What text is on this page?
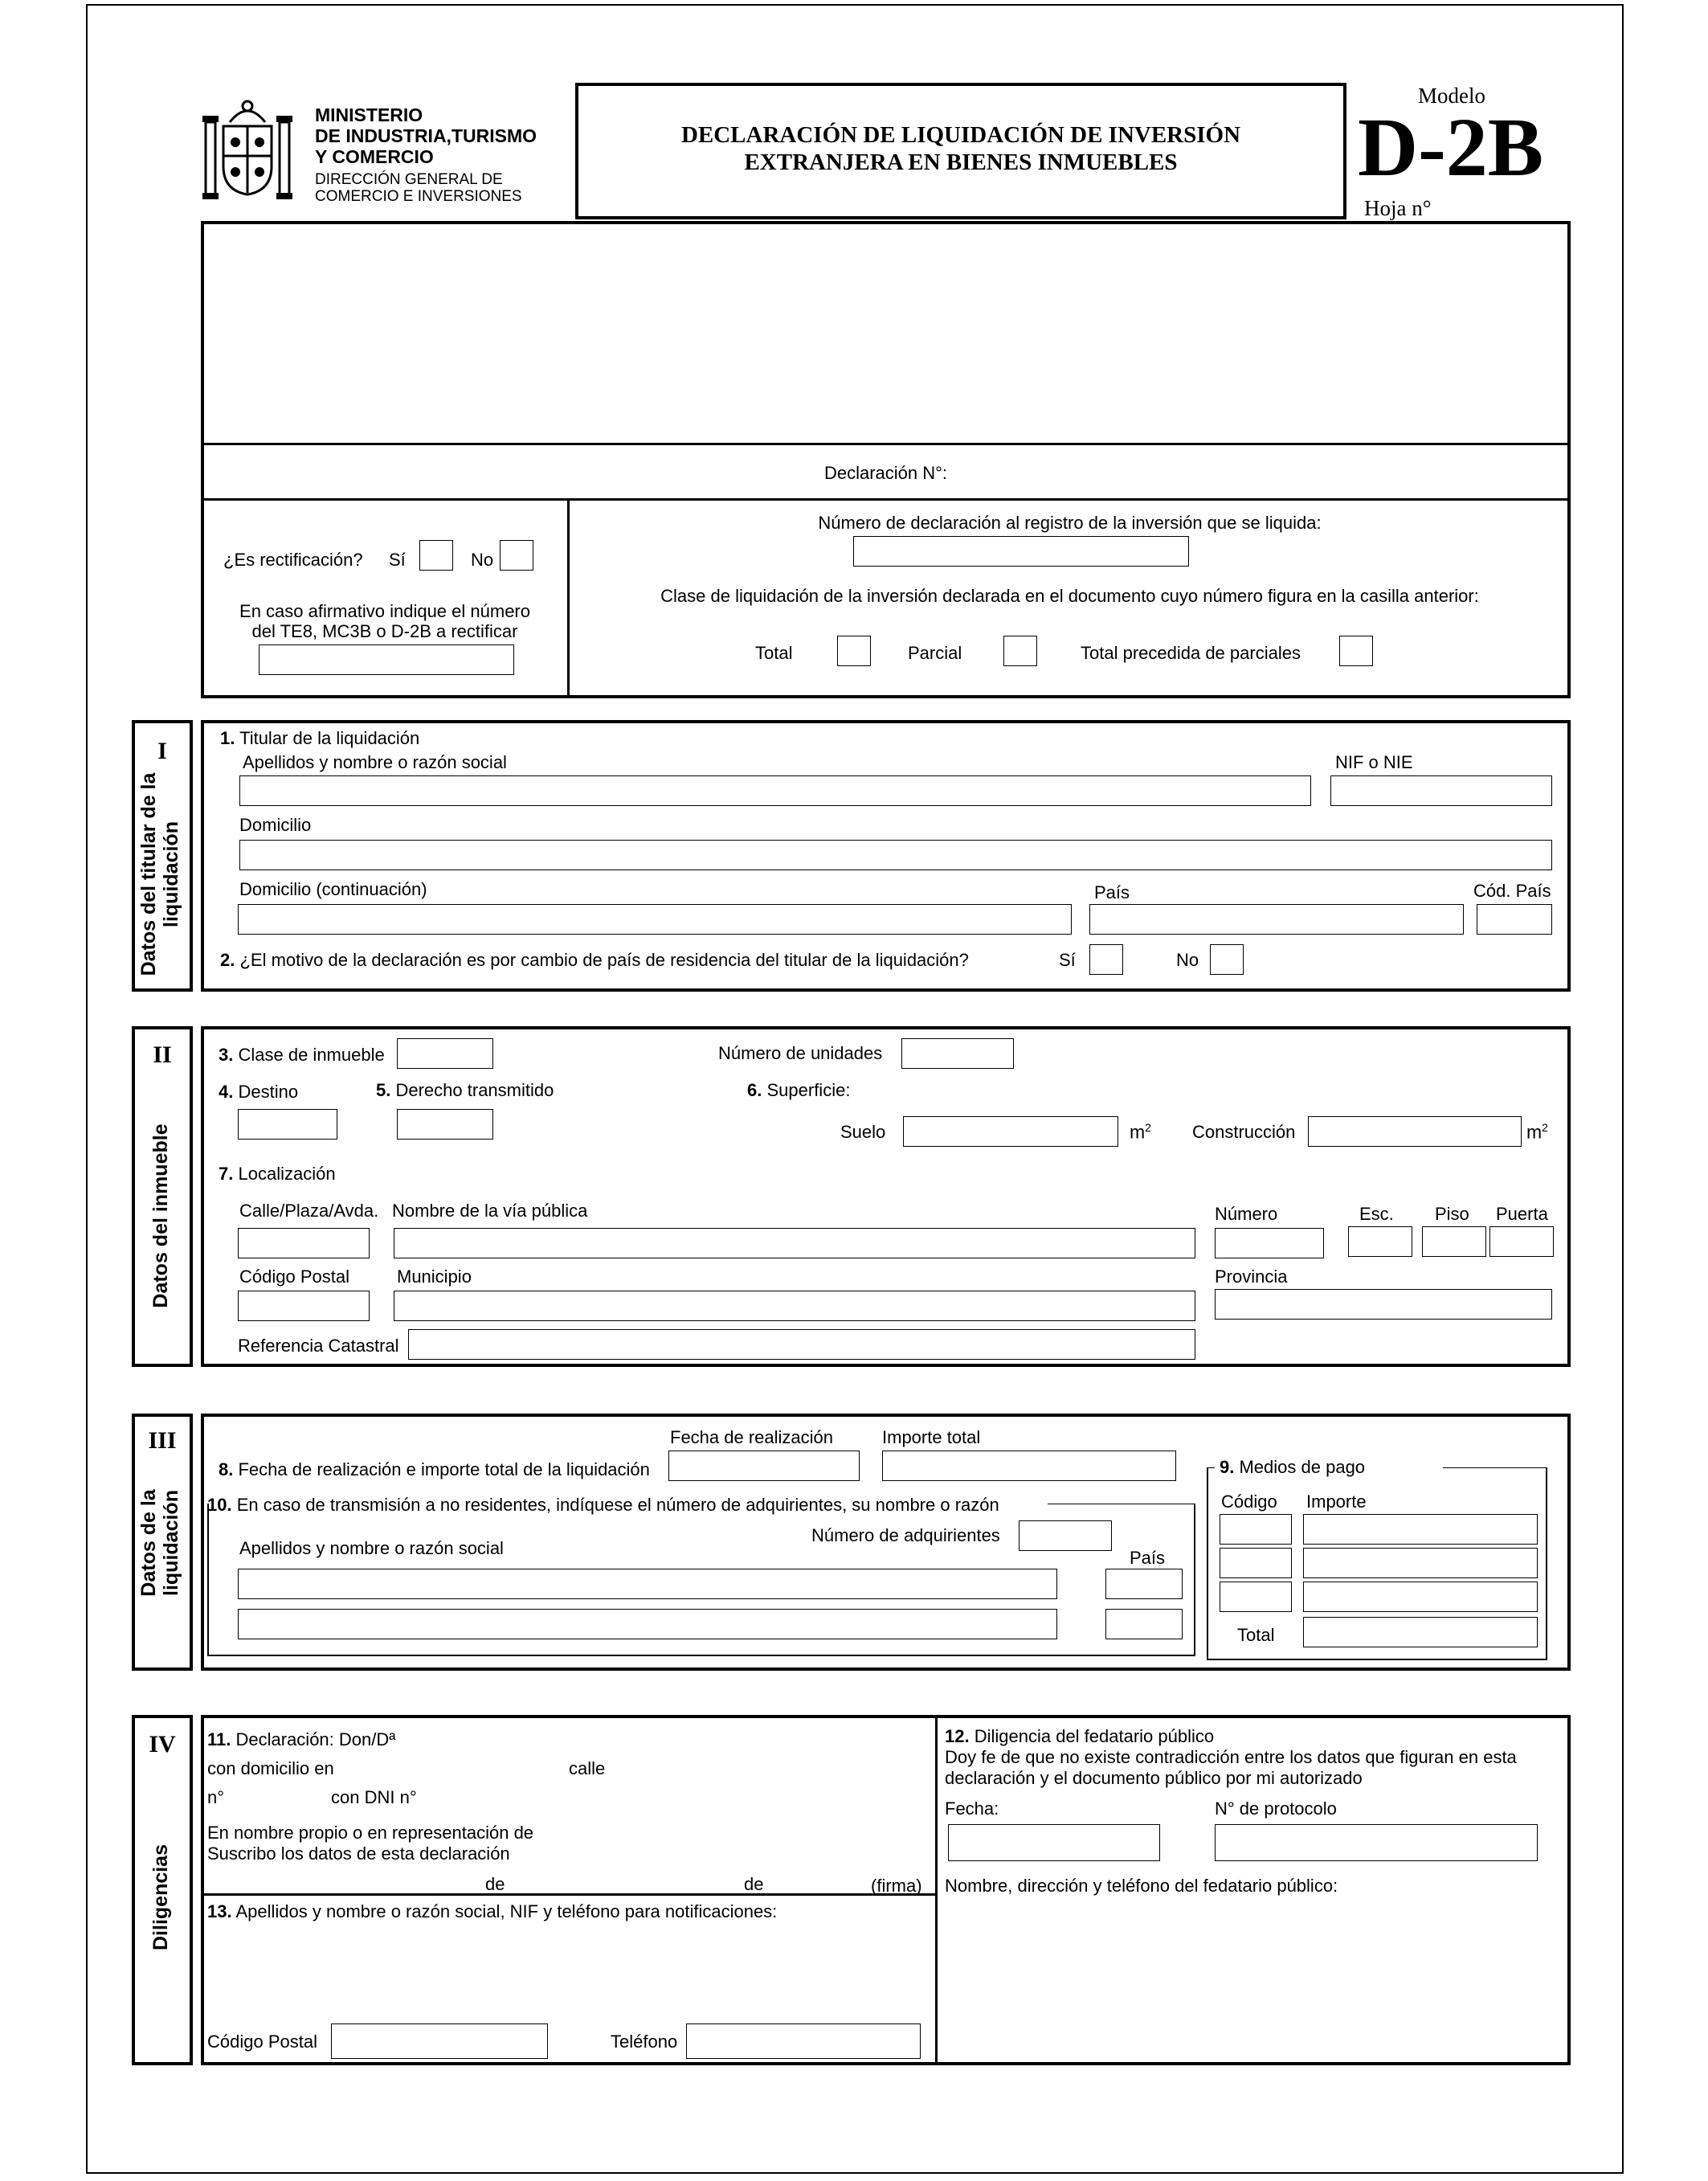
MINISTERIO
DE INDUSTRIA,TURISMO
Y COMERCIO
DIRECCIÓN GENERAL DE
COMERCIO E INVERSIONES
DECLARACIÓN DE LIQUIDACIÓN DE INVERSIÓN
EXTRANJERA EN BIENES INMUEBLES
Modelo
D-2B
Hoja n°
Declaración N°:
¿Es rectificación? Sí	No
En caso afirmativo indique el número
del TE8, MC3B o D-2B a rectificar
Número de declaración al registro de la inversión que se liquida:
Clase de liquidación de la inversión declarada en el documento cuyo número figura en la casilla anterior:
Total	Parcial	Total precedida de parciales
I
Datos del titular de la liquidación
1. Titular de la liquidación
Apellidos y nombre o razón social	NIF o NIE
Domicilio
Domicilio (continuación)	País	Cód. País
2. ¿El motivo de la declaración es por cambio de país de residencia del titular de la liquidación?	Sí	No
II
Datos del inmueble
3. Clase de inmueble	Número de unidades
4. Destino	5. Derecho transmitido	6. Superficie:
Suelo	$m^2$ Construcción	$m^2$
7. Localización
Calle/Plaza/Avda. Nombre de la vía pública	Número	Esc. Piso Puerta
Código Postal	Municipio	Provincia
Referencia Catastral
III
Datos de la liquidación
Fecha de realización	Importe total
8. Fecha de realización e importe total de la liquidación	9. Medios de pago
Código Importe
Total
10. En caso de transmisión a no residentes, indíquese el número de adquirientes, su nombre o razón
Número de adquirientes
Apellidos y nombre o razón social	País
IV
Diligencias
11. Declaración: Don/Dª
con domicilio en	calle
n°	con DNI n°
En nombre propio o en representación de
Suscribo los datos de esta declaración
de	de	(firma)
13. Apellidos y nombre o razón social, NIF y teléfono para notificaciones:
Código Postal	Teléfono
12. Diligencia del fedatario público
Doy fe de que no existe contradicción entre los datos que figuran en esta
declaración y el documento público por mi autorizado
Fecha:	N° de protocolo
Nombre, dirección y teléfono del fedatario público:
